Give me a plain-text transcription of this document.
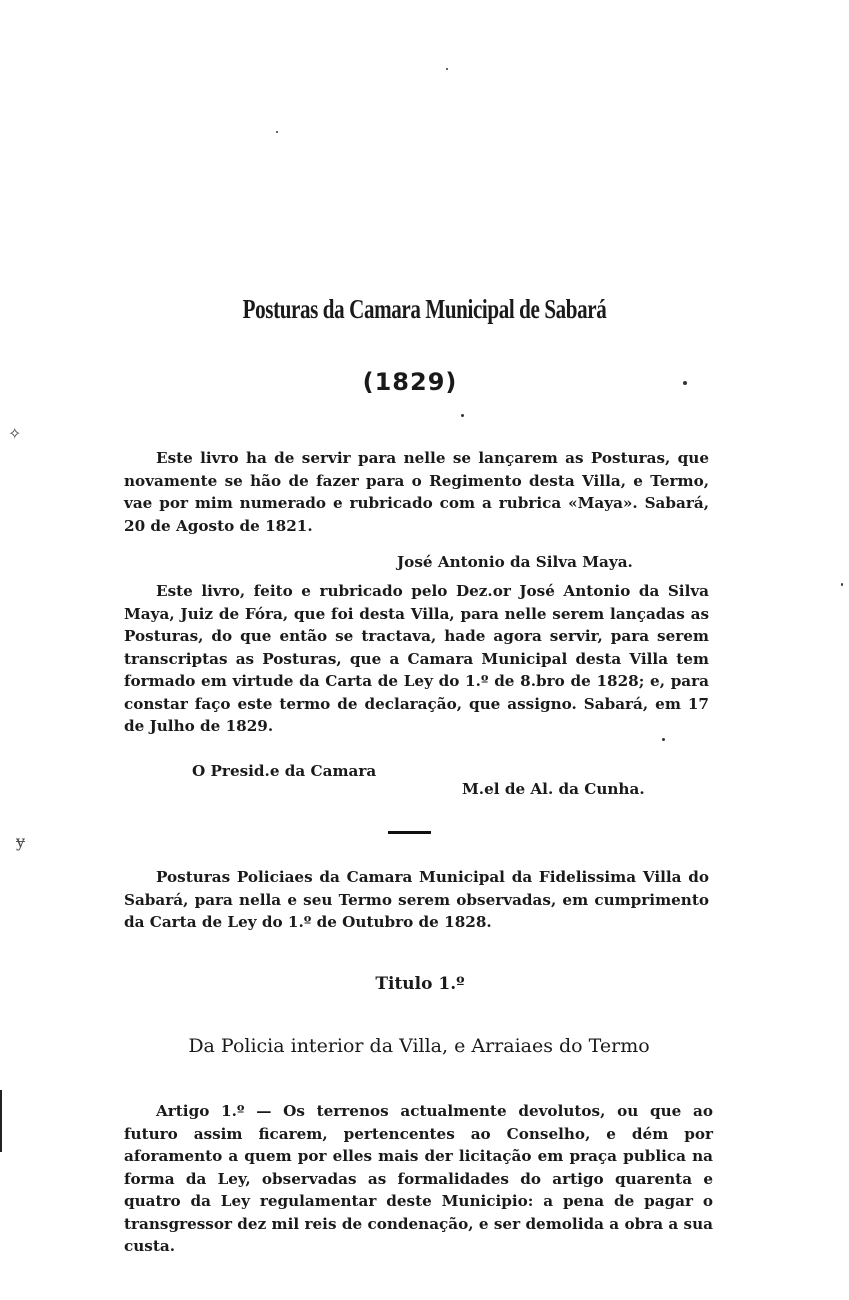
Posturas da Camara Municipal de Sabará
(1829)

Este livro ha de servir para nelle se lançarem as Posturas, que novamente se hão de fazer para o Regimento desta Villa, e Termo, vae por mim numerado e rubricado com a rubrica «Maya». Sabará, 20 de Agosto de 1821.

José Antonio da Silva Maya.

Este livro, feito e rubricado pelo Dez.or José Antonio da Silva Maya, Juiz de Fóra, que foi desta Villa, para nelle serem lançadas as Posturas, do que então se tractava, hade agora servir, para serem transcriptas as Posturas, que a Camara Municipal desta Villa tem formado em virtude da Carta de Ley do 1.º de 8.bro de 1828; e, para constar faço este termo de declaração, que assigno. Sabará, em 17 de Julho de 1829.

O Presid.e da Camara
M.el de Al. da Cunha.

Posturas Policiaes da Camara Municipal da Fidelissima Villa do Sabará, para nella e seu Termo serem observadas, em cumprimento da Carta de Ley do 1.º de Outubro de 1828.

Titulo 1.º
Da Policia interior da Villa, e Arraiaes do Termo

Artigo 1.º — Os terrenos actualmente devolutos, ou que ao futuro assim ficarem, pertencentes ao Conselho, e dém por aforamento a quem por elles mais der licitação em praça publica na forma da Ley, observadas as formalidades do artigo quarenta e quatro da Ley regulamentar deste Municipio: a pena de pagar o transgressor dez mil reis de condenação, e ser demolida a obra a sua custa.

✧
ɏ
